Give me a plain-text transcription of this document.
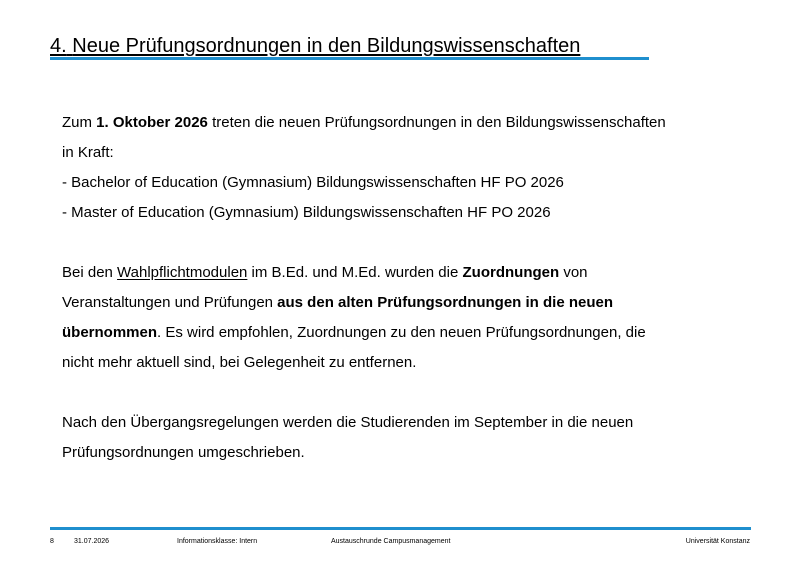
4. Neue Prüfungsordnungen in den Bildungswissenschaften

Zum 1. Oktober 2026 treten die neuen Prüfungsordnungen in den Bildungswissenschaften

in Kraft:

- Bachelor of Education (Gymnasium) Bildungswissenschaften HF PO 2026

- Master of Education (Gymnasium) Bildungswissenschaften HF PO 2026

Bei den Wahlpflichtmodulen im B.Ed. und M.Ed. wurden die Zuordnungen von

Veranstaltungen und Prüfungen aus den alten Prüfungsordnungen in die neuen

übernommen. Es wird empfohlen, Zuordnungen zu den neuen Prüfungsordnungen, die

nicht mehr aktuell sind, bei Gelegenheit zu entfernen.

Nach den Übergangsregelungen werden die Studierenden im September in die neuen

Prüfungsordnungen umgeschrieben.

8	31.07.2026	Informationsklasse: Intern	Austauschrunde Campusmanagement	Universität Konstanz
